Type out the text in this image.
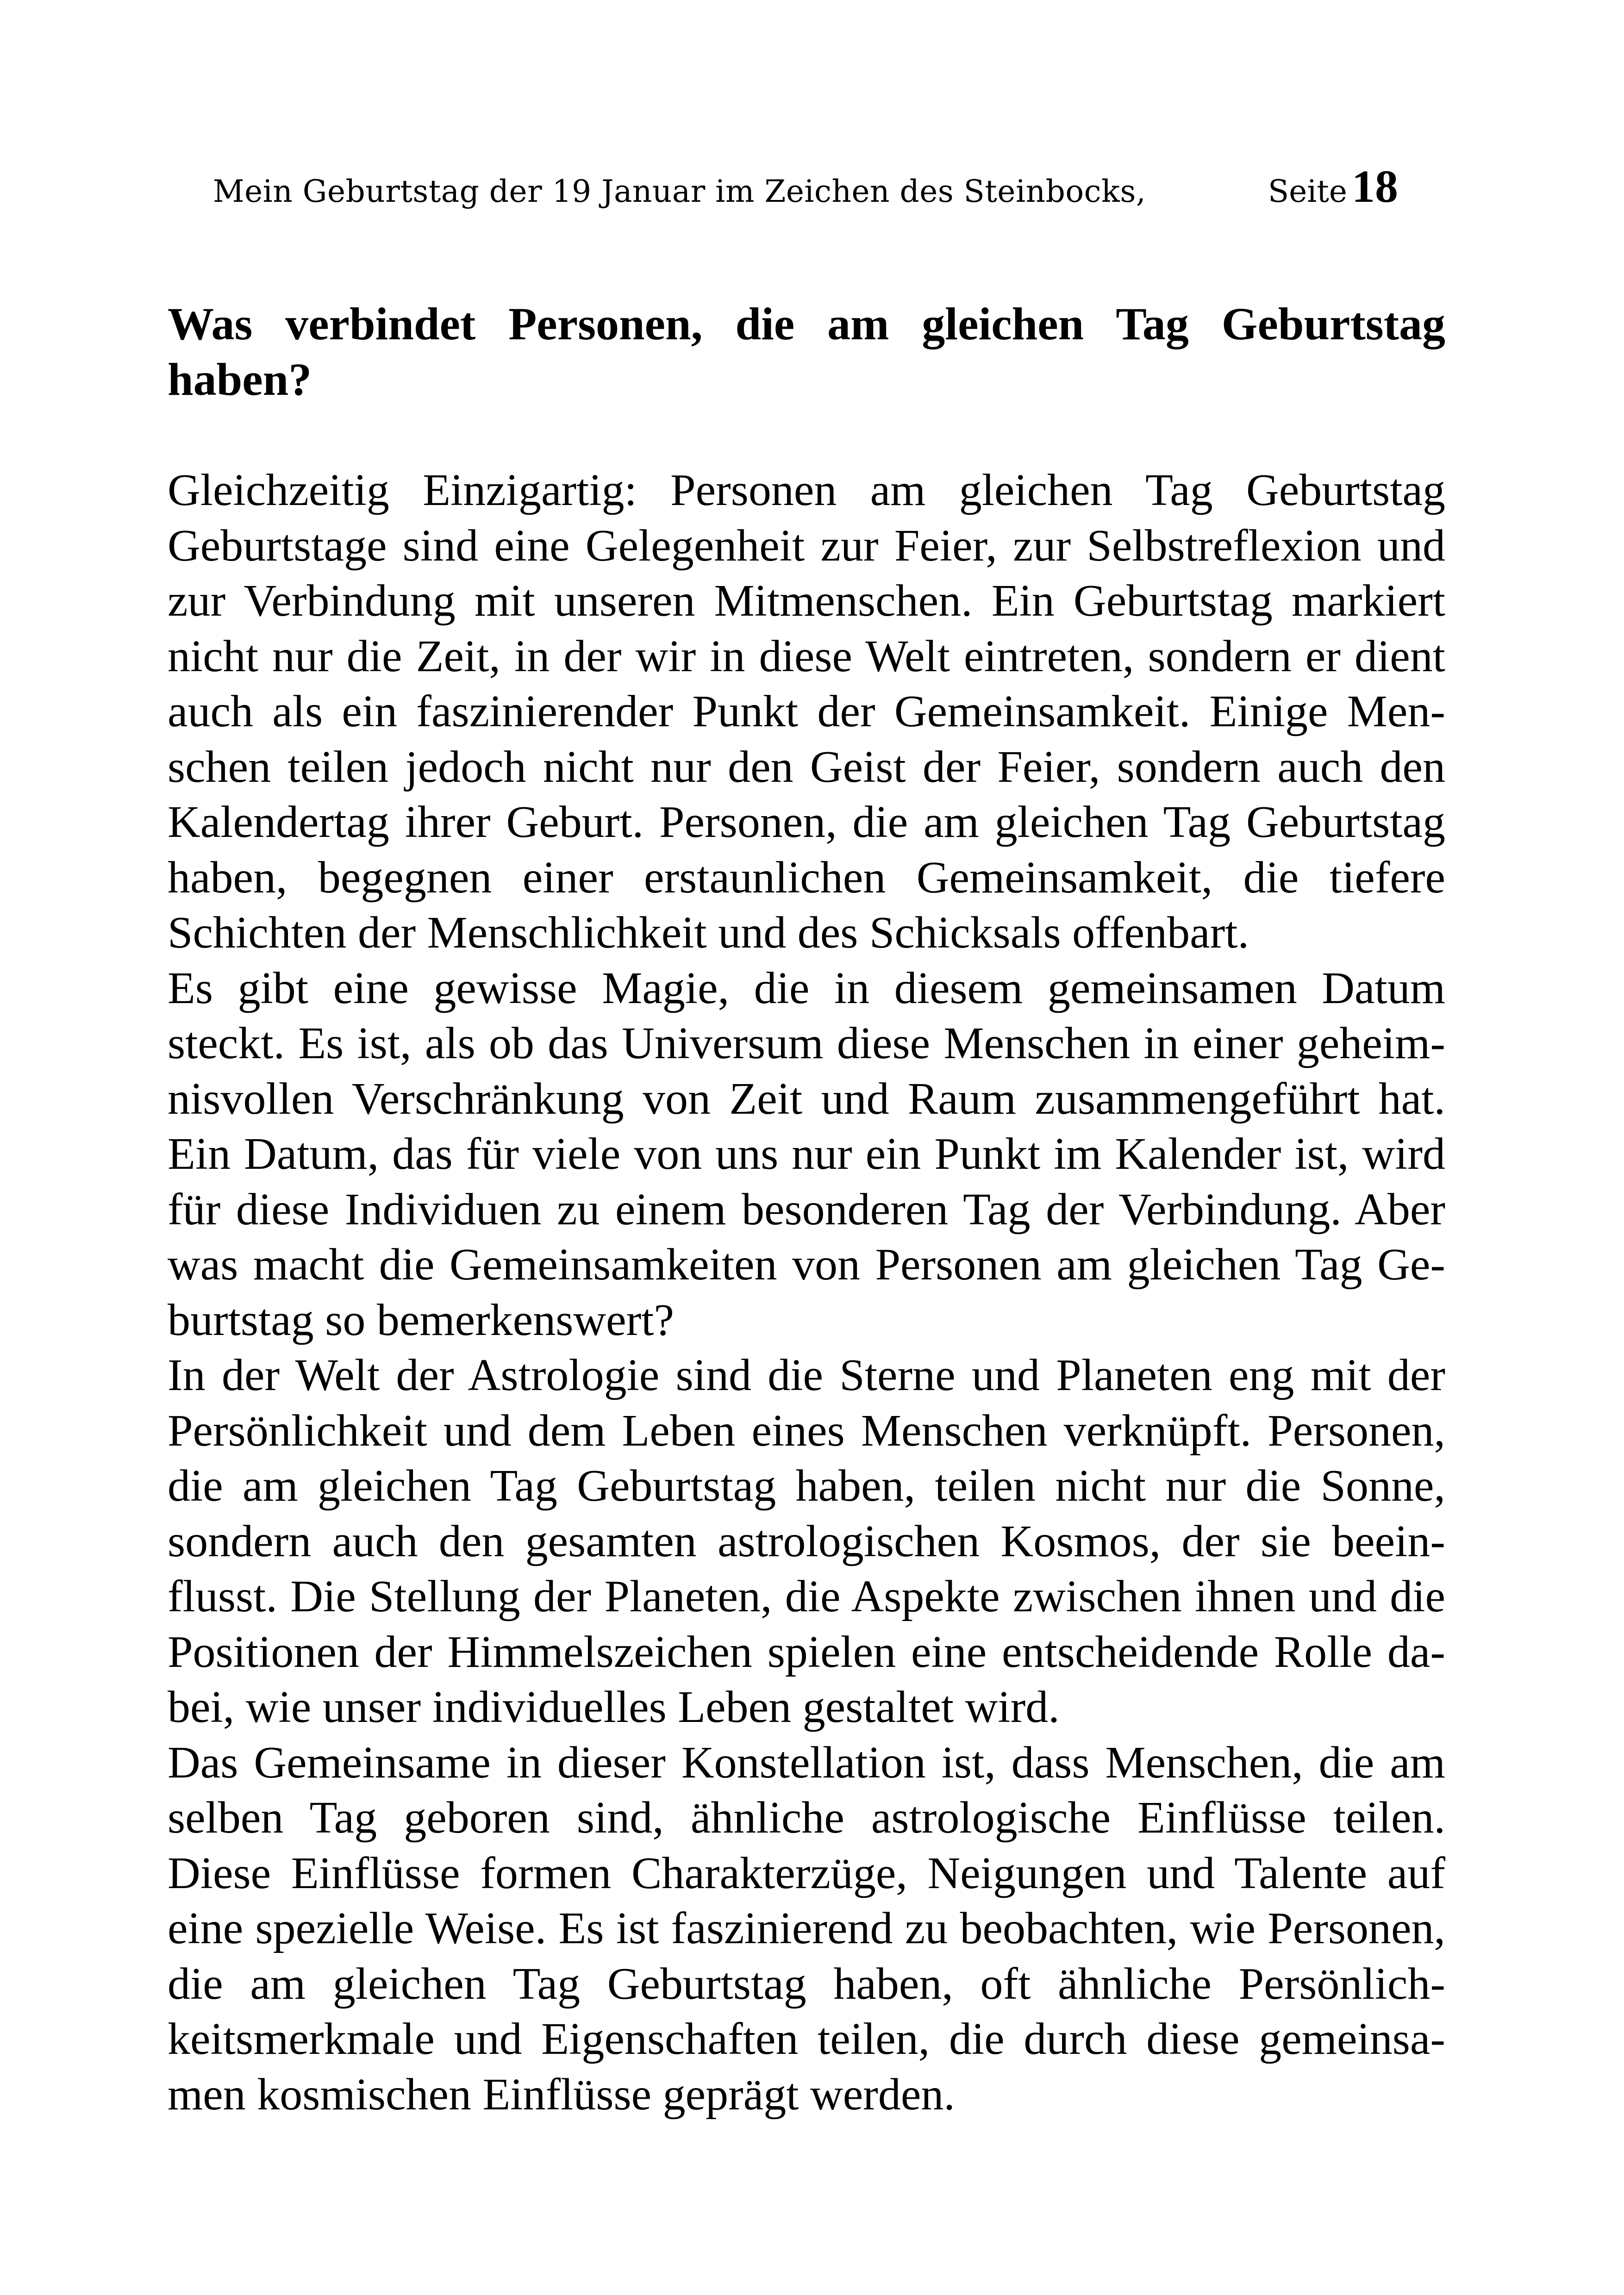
Mein Geburtstag der 19 Januar im Zeichen des Steinbocks,	Seite 18
Was verbindet Personen, die am gleichen Tag Geburtstag haben?

Gleichzeitig Einzigartig: Personen am gleichen Tag Geburtstag Geburtstage sind eine Gelegenheit zur Feier, zur Selbstreflexion und zur Verbindung mit unseren Mitmenschen. Ein Geburtstag markiert nicht nur die Zeit, in der wir in diese Welt eintreten, sondern er dient auch als ein faszinierender Punkt der Gemeinsamkeit. Einige Menschen teilen jedoch nicht nur den Geist der Feier, sondern auch den Kalendertag ihrer Geburt. Personen, die am gleichen Tag Geburtstag haben, begegnen einer erstaunlichen Gemeinsamkeit, die tiefere Schichten der Menschlichkeit und des Schicksals offenbart.

Es gibt eine gewisse Magie, die in diesem gemeinsamen Datum steckt. Es ist, als ob das Universum diese Menschen in einer geheimnisvollen Verschränkung von Zeit und Raum zusammengeführt hat. Ein Datum, das für viele von uns nur ein Punkt im Kalender ist, wird für diese Individuen zu einem besonderen Tag der Verbindung. Aber was macht die Gemeinsamkeiten von Personen am gleichen Tag Geburtstag so bemerkenswert?

In der Welt der Astrologie sind die Sterne und Planeten eng mit der Persönlichkeit und dem Leben eines Menschen verknüpft. Personen, die am gleichen Tag Geburtstag haben, teilen nicht nur die Sonne, sondern auch den gesamten astrologischen Kosmos, der sie beeinflusst. Die Stellung der Planeten, die Aspekte zwischen ihnen und die Positionen der Himmelszeichen spielen eine entscheidende Rolle dabei, wie unser individuelles Leben gestaltet wird.

Das Gemeinsame in dieser Konstellation ist, dass Menschen, die am selben Tag geboren sind, ähnliche astrologische Einflüsse teilen. Diese Einflüsse formen Charakterzüge, Neigungen und Talente auf eine spezielle Weise. Es ist faszinierend zu beobachten, wie Personen, die am gleichen Tag Geburtstag haben, oft ähnliche Persönlichkeitsmerkmale und Eigenschaften teilen, die durch diese gemeinsamen kosmischen Einflüsse geprägt werden.
